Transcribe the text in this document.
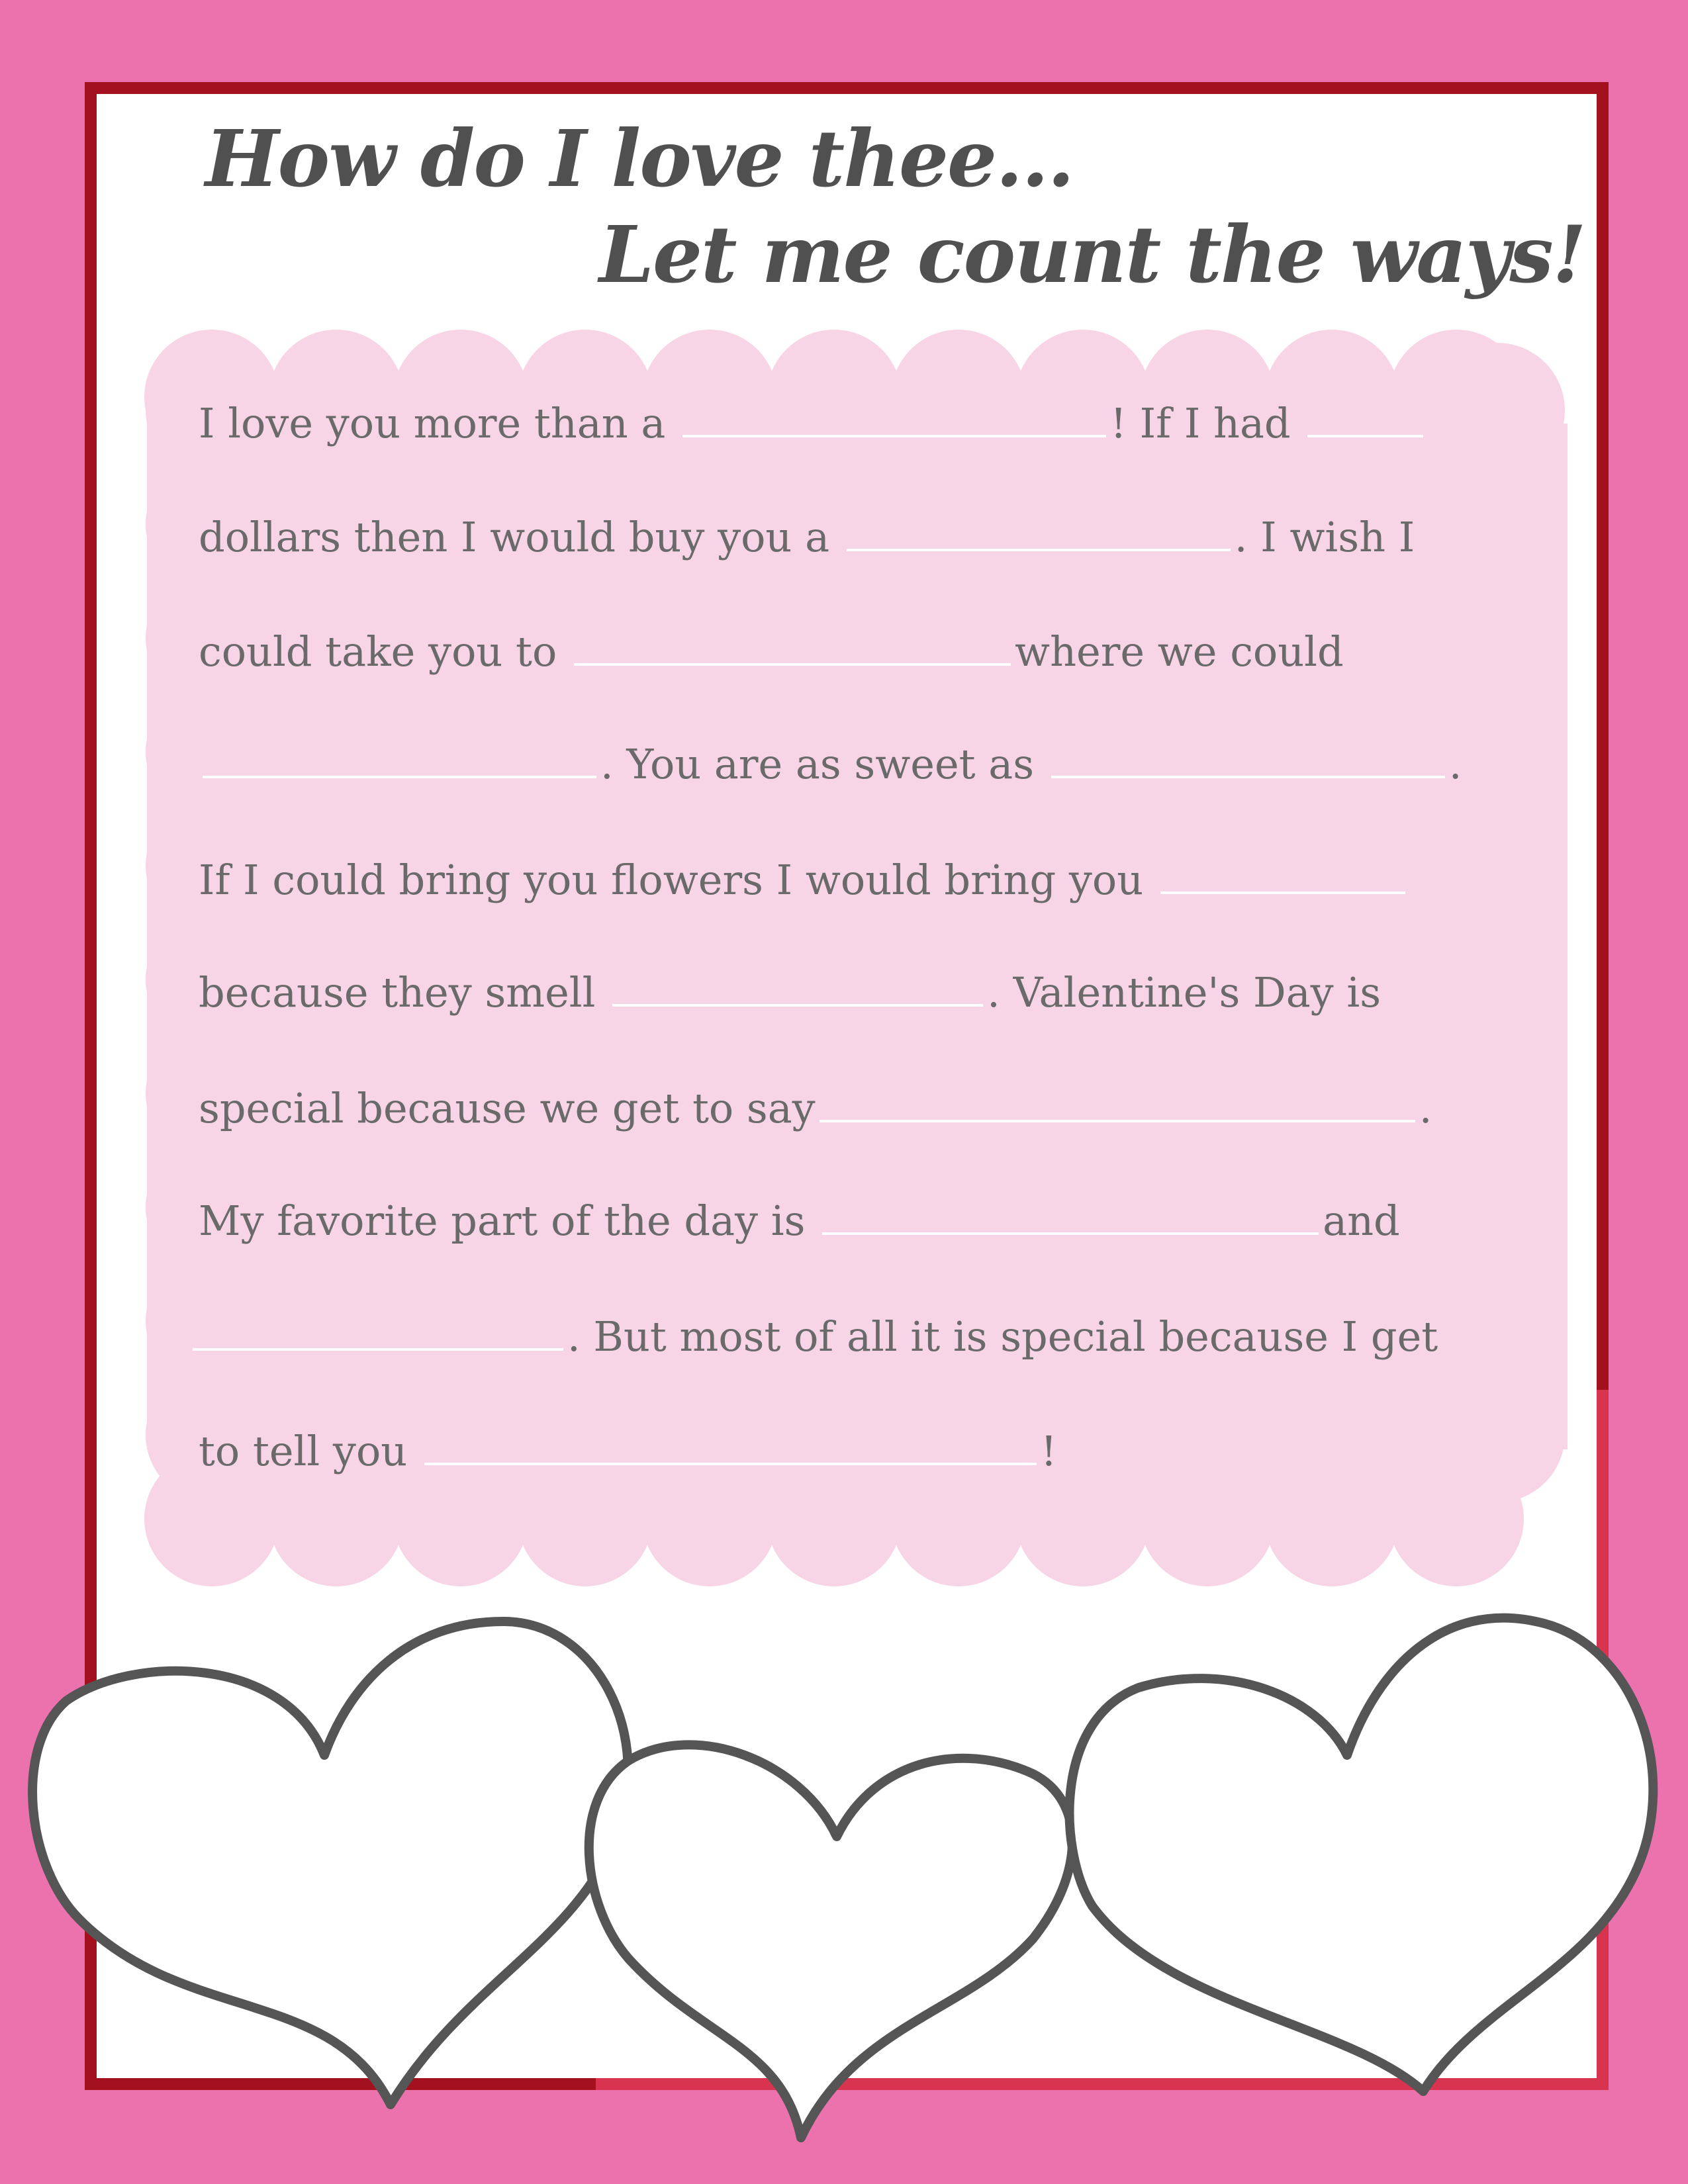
How do I love thee...
Let me count the ways!
I love you more than a	! If I had
dollars then I would buy you a	. I wish I
could take you to	where we could
. You are as sweet as	.
If I could bring you flowers I would bring you
because they smell	. Valentine's Day is
special because we get to say	.
My favorite part of the day is	and
. But most of all it is special because I get
to tell you	!
